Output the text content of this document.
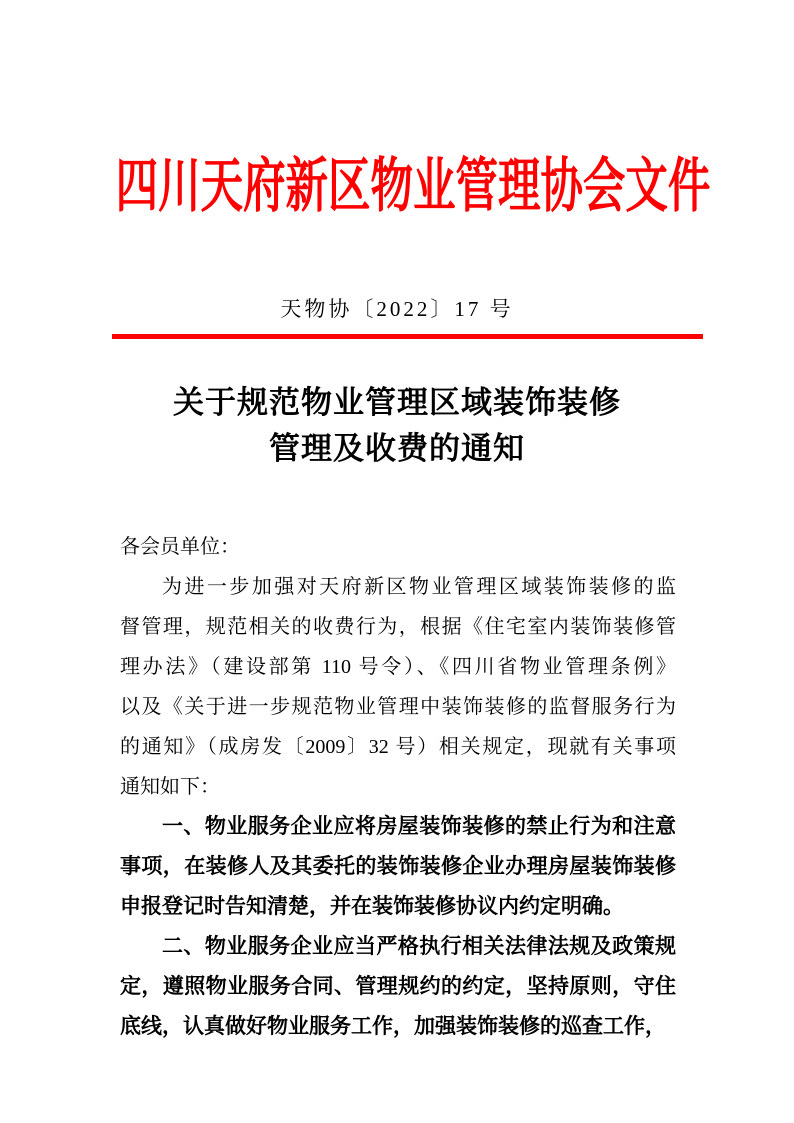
四川天府新区物业管理协会文件
天物协〔2022〕17 号
关于规范物业管理区域装饰装修
管理及收费的通知
各会员单位：
为进一步加强对天府新区物业管理区域装饰装修的监
督管理，规范相关的收费行为，根据《住宅室内装饰装修管
理办法》（建设部第 110 号令）、《四川省物业管理条例》
以及《关于进一步规范物业管理中装饰装修的监督服务行为
的通知》（成房发〔2009〕32 号）相关规定，现就有关事项
通知如下：
一、物业服务企业应将房屋装饰装修的禁止行为和注意
事项，在装修人及其委托的装饰装修企业办理房屋装饰装修
申报登记时告知清楚，并在装饰装修协议内约定明确。
二、物业服务企业应当严格执行相关法律法规及政策规
定，遵照物业服务合同、管理规约的约定，坚持原则，守住
底线，认真做好物业服务工作，加强装饰装修的巡查工作，
